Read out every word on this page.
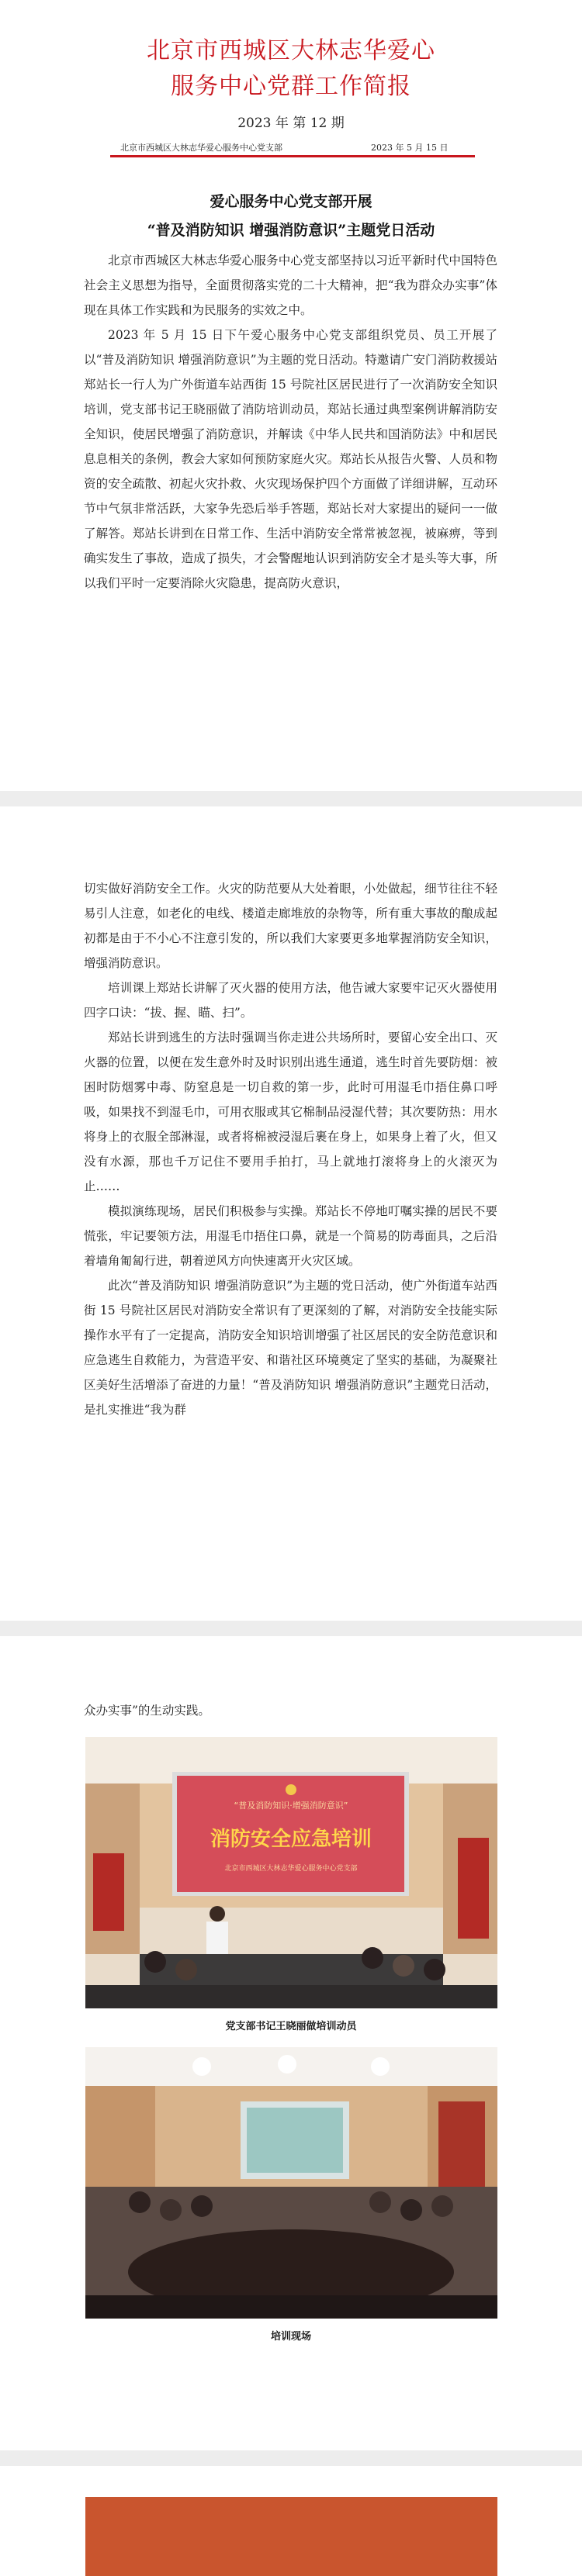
北京市西城区大林志华爱心
服务中心党群工作简报
2023 年 第 12 期
北京市西城区大林志华爱心服务中心党支部	2023 年 5 月 15 日
爱心服务中心党支部开展
“普及消防知识 增强消防意识”主题党日活动

北京市西城区大林志华爱心服务中心党支部坚持以习近平新时代中国特色社会主义思想为指导，全面贯彻落实党的二十大精神，把“我为群众办实事”体现在具体工作实践和为民服务的实效之中。

2023 年 5 月 15 日下午爱心服务中心党支部组织党员、员工开展了以“普及消防知识 增强消防意识”为主题的党日活动。特邀请广安门消防救援站郑站长一行人为广外街道车站西街 15 号院社区居民进行了一次消防安全知识培训，党支部书记王晓丽做了消防培训动员，郑站长通过典型案例讲解消防安全知识，使居民增强了消防意识，并解读《中华人民共和国消防法》中和居民息息相关的条例，教会大家如何预防家庭火灾。郑站长从报告火警、人员和物资的安全疏散、初起火灾扑救、火灾现场保护四个方面做了详细讲解，互动环节中气氛非常活跃，大家争先恐后举手答题，郑站长对大家提出的疑问一一做了解答。郑站长讲到在日常工作、生活中消防安全常常被忽视，被麻痹，等到确实发生了事故，造成了损失，才会警醒地认识到消防安全才是头等大事，所以我们平时一定要消除火灾隐患，提高防火意识，

切实做好消防安全工作。火灾的防范要从大处着眼，小处做起，细节往往不轻易引人注意，如老化的电线、楼道走廊堆放的杂物等，所有重大事故的酿成起初都是由于不小心不注意引发的，所以我们大家要更多地掌握消防安全知识，增强消防意识。

培训课上郑站长讲解了灭火器的使用方法，他告诫大家要牢记灭火器使用四字口诀：“拔、握、瞄、扫”。

郑站长讲到逃生的方法时强调当你走进公共场所时，要留心安全出口、灭火器的位置，以便在发生意外时及时识别出逃生通道，逃生时首先要防烟：被困时防烟雾中毒、防窒息是一切自救的第一步，此时可用湿毛巾捂住鼻口呼吸，如果找不到湿毛巾，可用衣服或其它棉制品浸湿代替；其次要防热：用水将身上的衣服全部淋湿，或者将棉被浸湿后裹在身上，如果身上着了火，但又没有水源，那也千万记住不要用手拍打，马上就地打滚将身上的火滚灭为止……

模拟演练现场，居民们积极参与实操。郑站长不停地叮嘱实操的居民不要慌张，牢记要领方法，用湿毛巾捂住口鼻，就是一个简易的防毒面具，之后沿着墙角匍匐行进，朝着逆风方向快速离开火灾区域。

此次“普及消防知识 增强消防意识”为主题的党日活动，使广外街道车站西街 15 号院社区居民对消防安全常识有了更深刻的了解，对消防安全技能实际操作水平有了一定提高，消防安全知识培训增强了社区居民的安全防范意识和应急逃生自救能力，为营造平安、和谐社区环境奠定了坚实的基础，为凝聚社区美好生活增添了奋进的力量！“普及消防知识 增强消防意识”主题党日活动，是扎实推进“我为群

众办实事”的生动实践。

“普及消防知识·增强消防意识”
消防安全应急培训
北京市西城区大林志华爱心服务中心党支部
党支部书记王晓丽做培训动员
培训现场
